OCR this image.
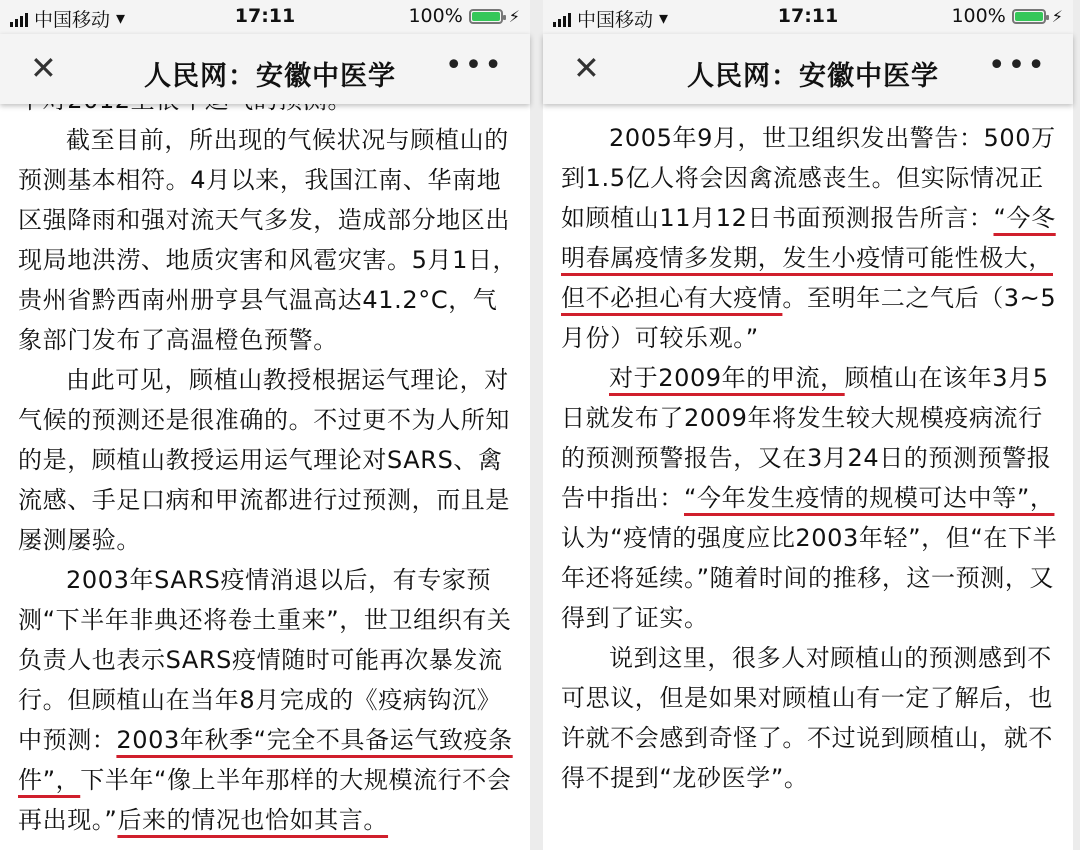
中国移动 ▾	17:11	100%	⚡
✕	人民网：安徽中医学	•••

截至目前，所出现的气候状况与顾植山的预测基本相符。4月以来，我国江南、华南地区强降雨和强对流天气多发，造成部分地区出现局地洪涝、地质灾害和风雹灾害。5月1日，贵州省黔西南州册亨县气温高达41.2°C，气象部门发布了高温橙色预警。

由此可见，顾植山教授根据运气理论，对气候的预测还是很准确的。不过更不为人所知的是，顾植山教授运用运气理论对SARS、禽流感、手足口病和甲流都进行过预测，而且是屡测屡验。

2003年SARS疫情消退以后，有专家预测“下半年非典还将卷土重来”，世卫组织有关负责人也表示SARS疫情随时可能再次暴发流行。但顾植山在当年8月完成的《疫病钩沉》中预测：2003年秋季“完全不具备运气致疫条件”，下半年“像上半年那样的大规模流行不会再出现。”后来的情况也恰如其言。

中国移动 ▾	17:11	100%	⚡
✕	人民网：安徽中医学	•••

2005年9月，世卫组织发出警告：500万到1.5亿人将会因禽流感丧生。但实际情况正如顾植山11月12日书面预测报告所言：“今冬明春属疫情多发期，发生小疫情可能性极大，但不必担心有大疫情。至明年二之气后（3~5月份）可较乐观。”

对于2009年的甲流，顾植山在该年3月5日就发布了2009年将发生较大规模疫病流行的预测预警报告，又在3月24日的预测预警报告中指出：“今年发生疫情的规模可达中等”，认为“疫情的强度应比2003年轻”，但“在下半年还将延续。”随着时间的推移，这一预测，又得到了证实。

说到这里，很多人对顾植山的预测感到不可思议，但是如果对顾植山有一定了解后，也许就不会感到奇怪了。不过说到顾植山，就不得不提到“龙砂医学”。
